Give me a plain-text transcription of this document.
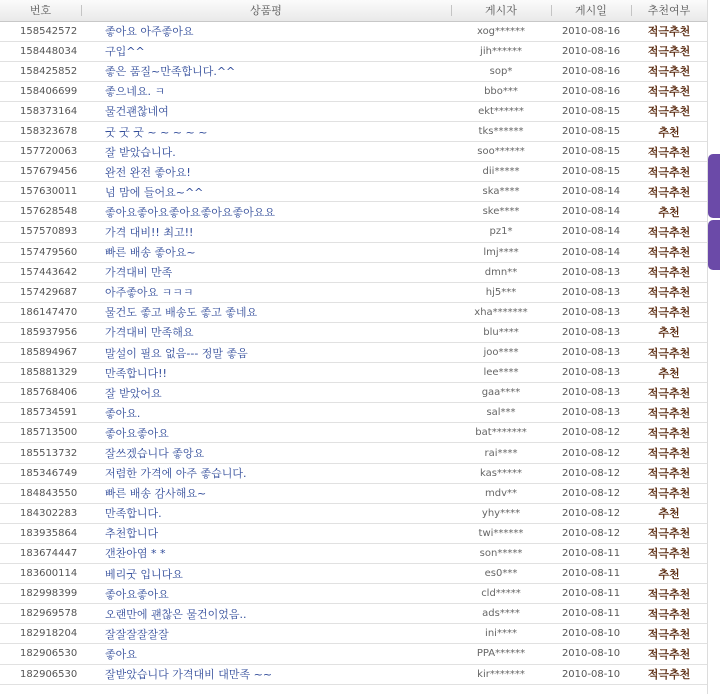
번호	상품평	게시자	게시일	추천여부
158542572	좋아요 아주좋아요	xog******	2010-08-16	적극추천
158448034	구입^^	jih******	2010-08-16	적극추천
158425852	좋은 품질~만족합니다.^^	sop*	2010-08-16	적극추천
158406699	좋으네요. ㅋ	bbo***	2010-08-16	적극추천
158373164	물건괜찮네여	ekt******	2010-08-15	적극추천
158323678	굿 굿 굿 ~ ~ ~ ~ ~	tks******	2010-08-15	추천
157720063	잘 받았습니다.	soo******	2010-08-15	적극추천
157679456	완전 완전 좋아요!	dii*****	2010-08-15	적극추천
157630011	넘 맘에 들어요~^^	ska****	2010-08-14	적극추천
157628548	좋아요좋아요좋아요좋아요좋아요요	ske****	2010-08-14	추천
157570893	가격 대비!! 최고!!	pz1*	2010-08-14	적극추천
157479560	빠른 배송 좋아요~	lmj****	2010-08-14	적극추천
157443642	가격대비 만족	dmn**	2010-08-13	적극추천
157429687	아주좋아요 ㅋㅋㅋ	hj5***	2010-08-13	적극추천
186147470	물건도 좋고 배송도 좋고 좋네요	xha*******	2010-08-13	적극추천
185937956	가격대비 만족해요	blu****	2010-08-13	추천
185894967	말설이 필요 없음--- 정말 좋음	joo****	2010-08-13	적극추천
185881329	만족합니다!!	lee****	2010-08-13	추천
185768406	잘 받았어요	gaa****	2010-08-13	적극추천
185734591	좋아요.	sal***	2010-08-13	적극추천
185713500	좋아요좋아요	bat*******	2010-08-12	적극추천
185513732	잘쓰겠습니다 좋앙요	rai****	2010-08-12	적극추천
185346749	저렴한 가격에 아주 좋습니다.	kas*****	2010-08-12	적극추천
184843550	빠른 배송 감사해요~	mdv**	2010-08-12	적극추천
184302283	만족합니다.	yhy****	2010-08-12	추천
183935864	추천합니다	twi******	2010-08-12	적극추천
183674447	갠찬아염 * *	son*****	2010-08-11	적극추천
183600114	베리굿 입니다요	es0***	2010-08-11	추천
182998399	좋아요좋아요	cld*****	2010-08-11	적극추천
182969578	오랜만에 괜찮은 물건이었음..	ads****	2010-08-11	적극추천
182918204	잘잘잘잘잘잘	ini****	2010-08-10	적극추천
182906530	좋아요	PPA******	2010-08-10	적극추천
182906530	잘받았습니다 가격대비 대만족 ~~	kir*******	2010-08-10	적극추천
